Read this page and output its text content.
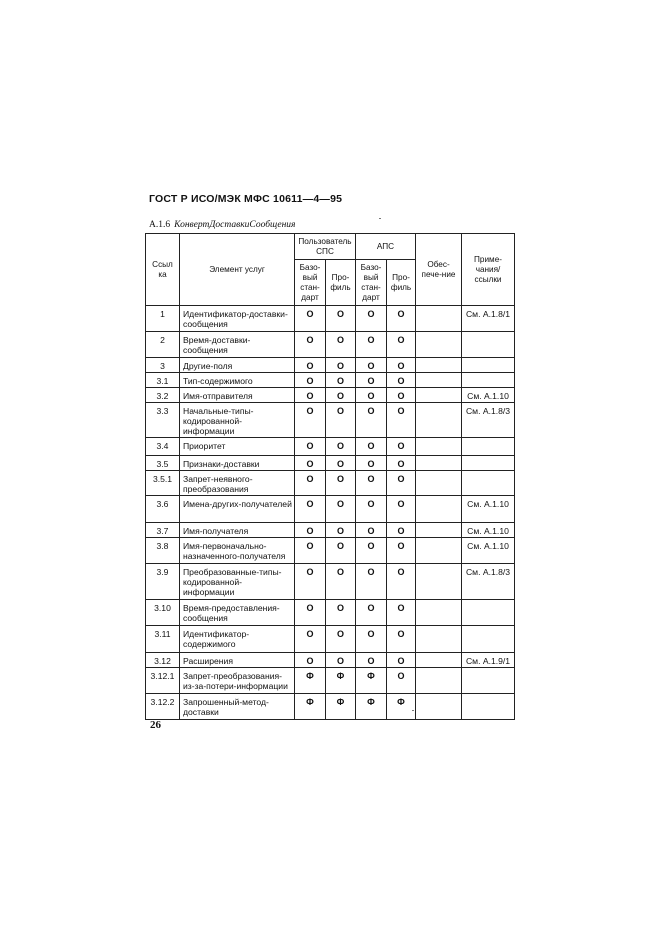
ГОСТ Р ИСО/МЭК МФС 10611—4—95
А.1.6 КонвертДоставкиСообщения
Ссыл ка	Элемент услуг	Пользователь СПС		АПС		Обес-пече-ние	Приме-чания/ ссылки
		Базо-вый стан-дарт	Про-филь	Базо-вый стан-дарт	Про-филь		
1	Идентификатор-доставки-сообщения	О	О	О	О		См. А.1.8/1
2	Время-доставки-сообщения	О	О	О	О		
3	Другие-поля	О	О	О	О		
3.1	Тип-содержимого	О	О	О	О		
3.2	Имя-отправителя	О	О	О	О		См. А.1.10
3.3	Начальные-типы-кодированной-информации	О	О	О	О		См. А.1.8/3
3.4	Приоритет	О	О	О	О		
3.5	Признаки-доставки	О	О	О	О		
3.5.1	Запрет-неявного-преобразования	О	О	О	О		
3.6	Имена-других-получателей	О	О	О	О		См. А.1.10
3.7	Имя-получателя	О	О	О	О		См. А.1.10
3.8	Имя-первоначально-назначенного-получателя	О	О	О	О		См. А.1.10
3.9	Преобразованные-типы-кодированной-информации	О	О	О	О		См. А.1.8/3
3.10	Время-предоставления-сообщения	О	О	О	О		
3.11	Идентификатор-содержимого	О	О	О	О		
3.12	Расширения	О	О	О	О		См. А.1.9/1
3.12.1	Запрет-преобразования-из-за-потери-информации	Ф	Ф	Ф	О		
3.12.2	Запрошенный-метод-доставки	Ф	Ф	Ф	Ф		
26
